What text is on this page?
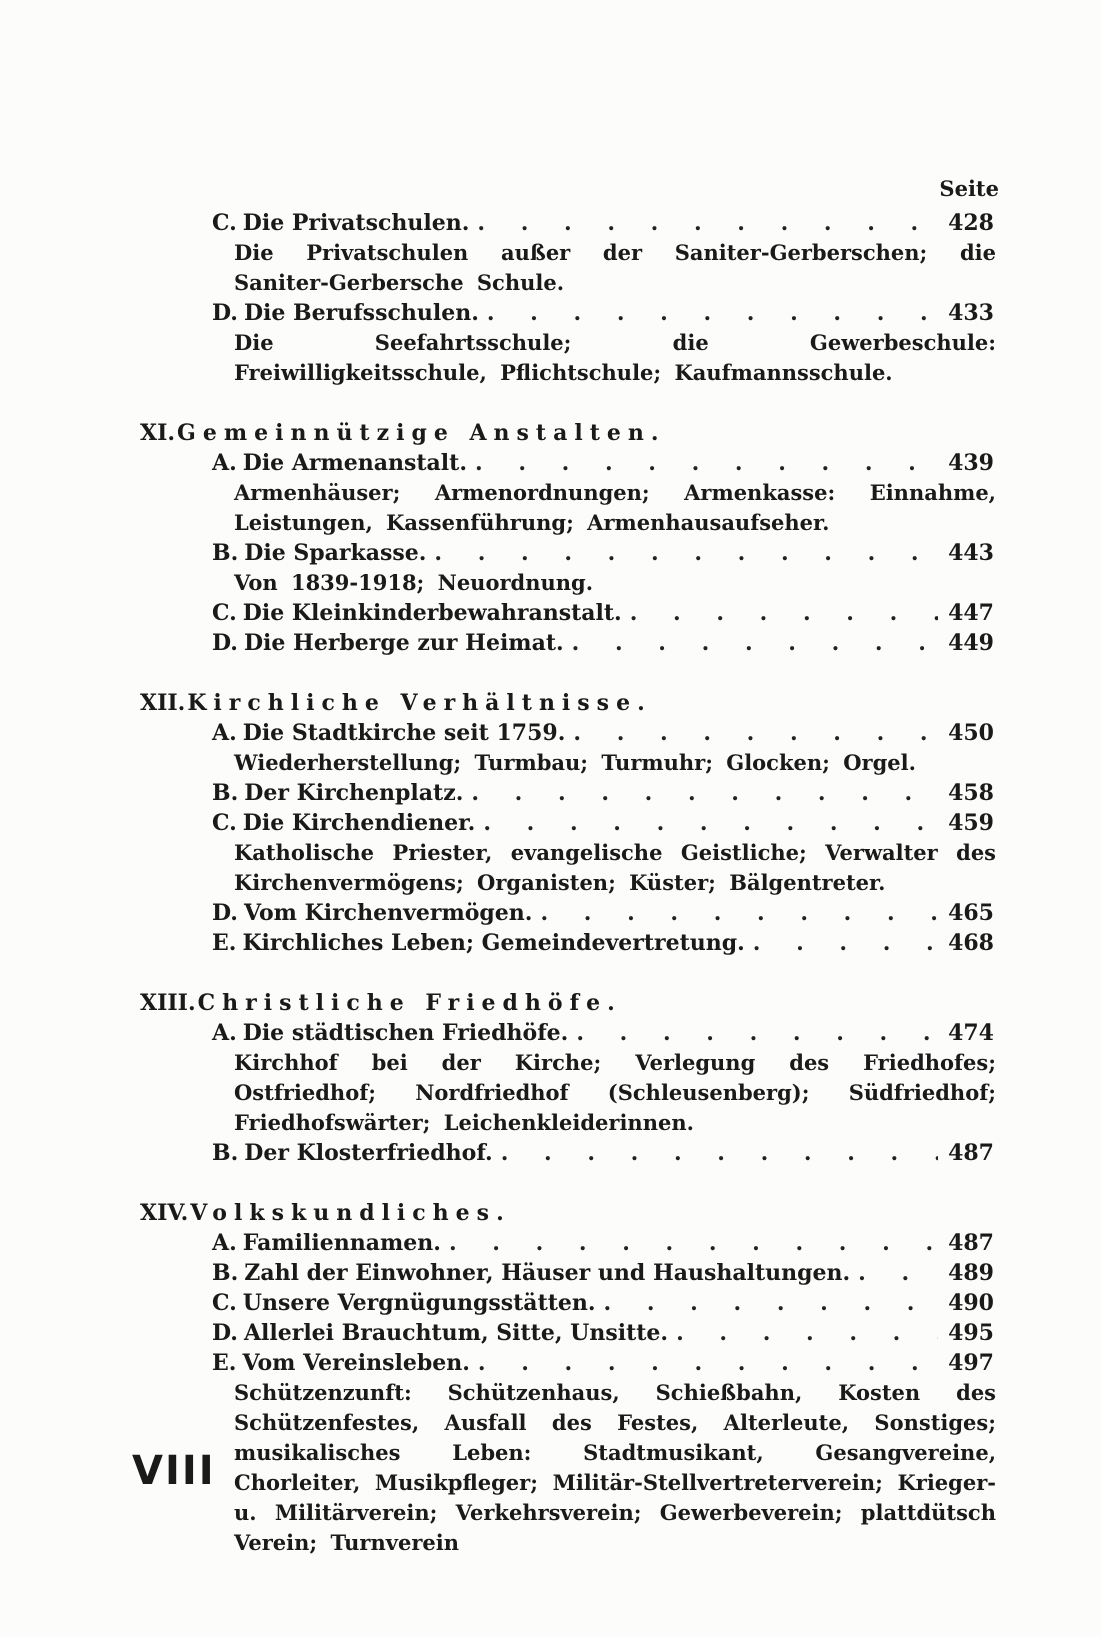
Seite
C. Die Privatschulen. . . .	428
Die Privatschulen außer der Saniter-Gerberschen; die Saniter-Gerbersche Schule.
D. Die Berufsschulen. . . .	433
Die Seefahrtsschule; die Gewerbeschule: Freiwilligkeitsschule, Pflichtschule; Kaufmannsschule.
XI.Gemeinnützige Anstalten.
A. Die Armenanstalt. . . .	439
Armenhäuser; Armenordnungen; Armenkasse: Einnahme, Leistungen, Kassenführung; Armenhausaufseher.
B. Die Sparkasse. . . .	443
Von 1839-1918; Neuordnung.
C. Die Kleinkinderbewahranstalt. . . .	447
D. Die Herberge zur Heimat. . . .	449
XII.Kirchliche Verhältnisse.
A. Die Stadtkirche seit 1759. . . .	450
Wiederherstellung; Turmbau; Turmuhr; Glocken; Orgel.
B. Der Kirchenplatz. . . .	458
C. Die Kirchendiener. . . .	459
Katholische Priester, evangelische Geistliche; Verwalter des Kirchenvermögens; Organisten; Küster; Bälgentreter.
D. Vom Kirchenvermögen. . . .	465
E. Kirchliches Leben; Gemeindevertretung. . . .	468
XIII.Christliche Friedhöfe.
A. Die städtischen Friedhöfe. . . .	474
Kirchhof bei der Kirche; Verlegung des Friedhofes; Ostfriedhof; Nordfriedhof (Schleusenberg); Südfriedhof; Friedhofswärter; Leichenkleiderinnen.
B. Der Klosterfriedhof. . . .	487
XIV.Volkskundliches.
A. Familiennamen. . . .	487
B. Zahl der Einwohner, Häuser und Haushaltungen. . . .	489
C. Unsere Vergnügungsstätten. . . .	490
D. Allerlei Brauchtum, Sitte, Unsitte. . . .	495
E. Vom Vereinsleben. . . .	497
Schützenzunft: Schützenhaus, Schießbahn, Kosten des Schützenfestes, Ausfall des Festes, Alterleute, Sonstiges; musikalisches Leben: Stadtmusikant, Gesangvereine, Chorleiter, Musikpfleger; Militär-Stellvertreterverein; Krieger- u. Militärverein; Verkehrsverein; Gewerbeverein; plattdütsch Verein; Turnverein
VIII
